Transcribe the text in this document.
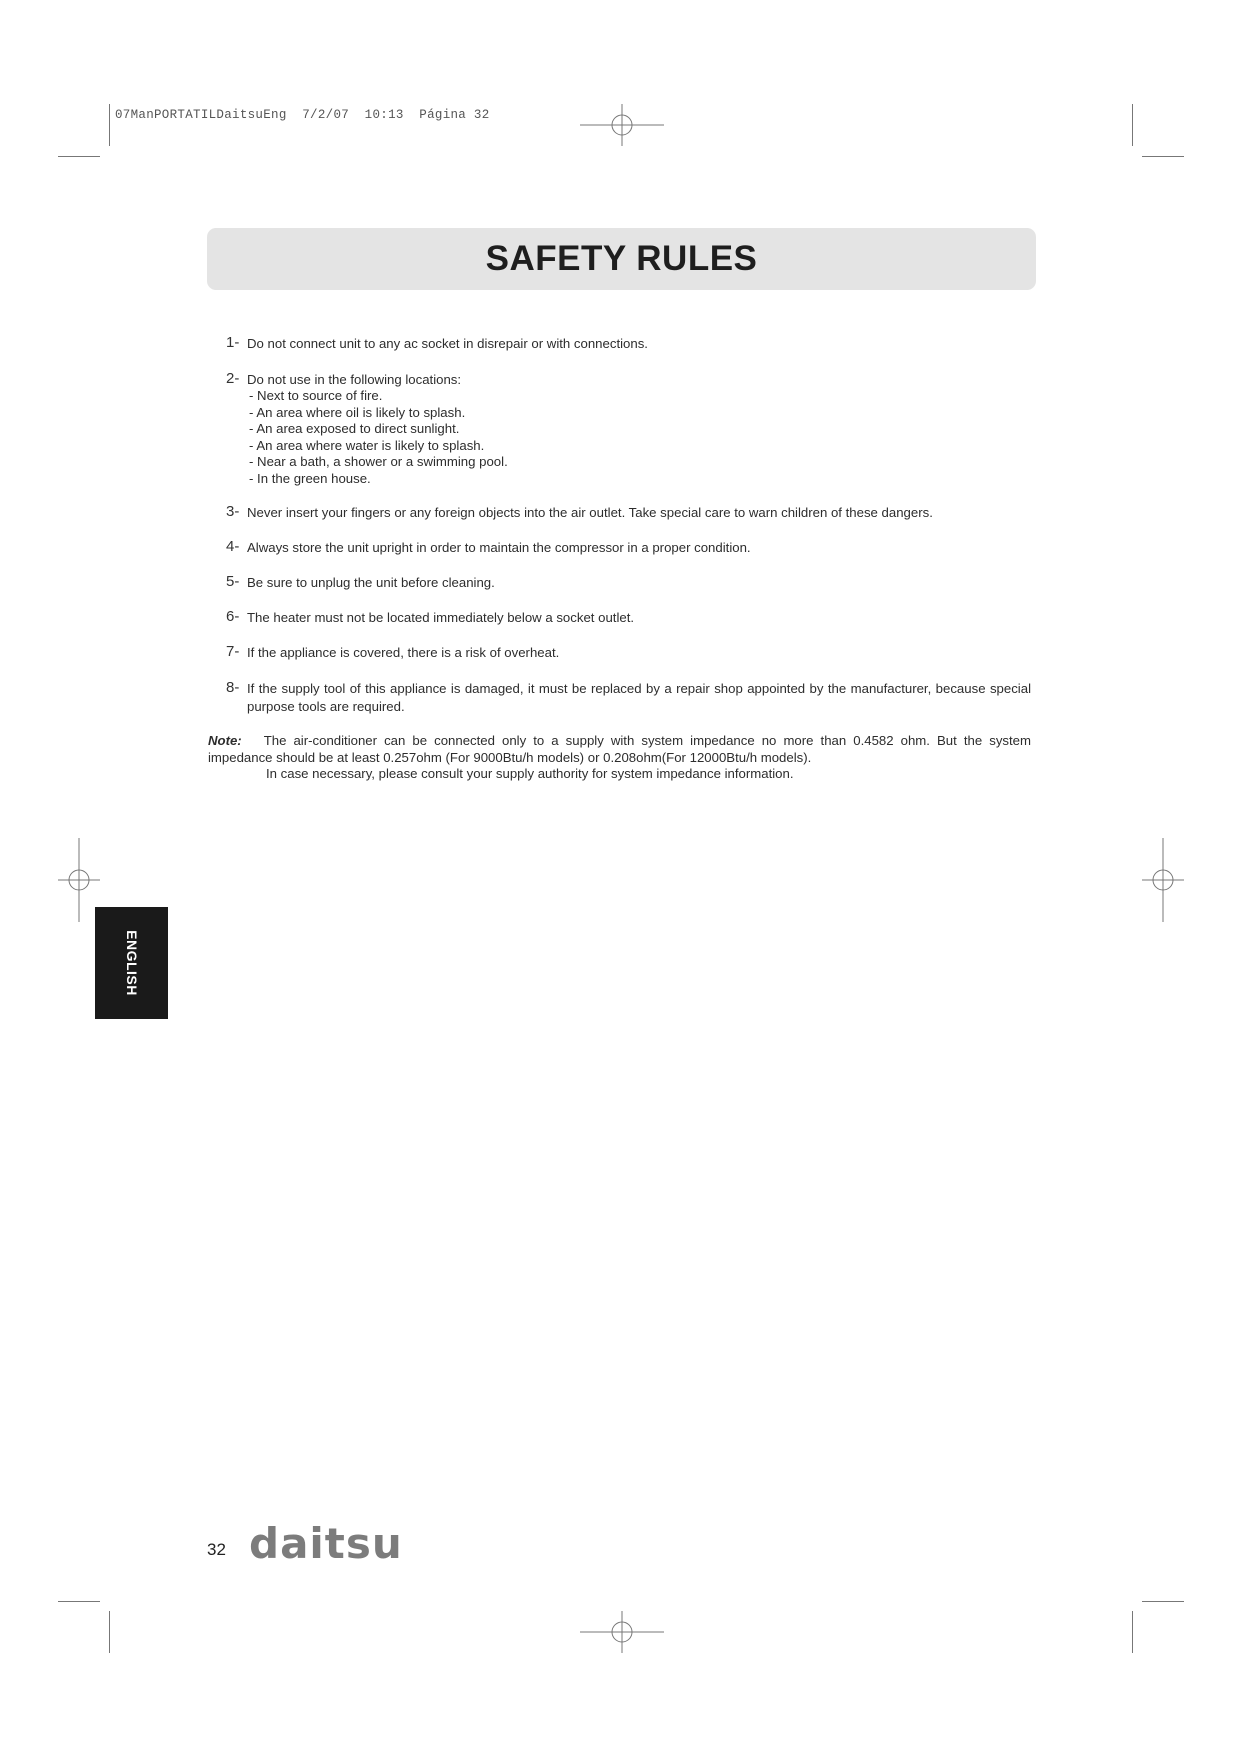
07ManPORTATILDaitsuEng 7/2/07 10:13 Página 32
SAFETY RULES
1- Do not connect unit to any ac socket in disrepair or with connections.
2- Do not use in the following locations:
- Next to source of fire.
- An area where oil is likely to splash.
- An area exposed to direct sunlight.
- An area where water is likely to splash.
- Near a bath, a shower or a swimming pool.
- In the green house.
3- Never insert your fingers or any foreign objects into the air outlet. Take special care to warn children of these dangers.
4- Always store the unit upright in order to maintain the compressor in a proper condition.
5- Be sure to unplug the unit before cleaning.
6- The heater must not be located immediately below a socket outlet.
7- If the appliance is covered, there is a risk of overheat.
8- If the supply tool of this appliance is damaged, it must be replaced by a repair shop appointed by the manufacturer, because special purpose tools are required.
Note: The air-conditioner can be connected only to a supply with system impedance no more than 0.4582 ohm. But the system impedance should be at least 0.257ohm (For 9000Btu/h models) or 0.208ohm(For 12000Btu/h models).
In case necessary, please consult your supply authority for system impedance information.
ENGLISH
32 daitsu
